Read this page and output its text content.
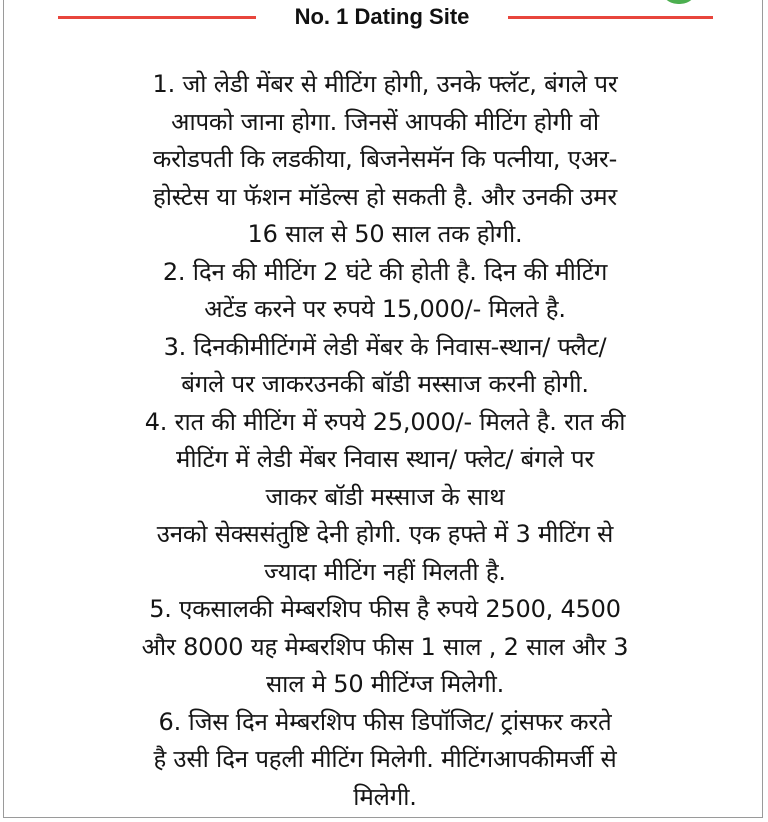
No. 1 Dating Site
1. जो लेडी मेंबर से मीटिंग होगी, उनके फ्लॅट, बंगले पर
आपको जाना होगा. जिनसें आपकी मीटिंग होगी वो
करोडपती कि लडकीया, बिजनेसमॅन कि पत्नीया, एअर-
होस्टेस या फॅशन मॉडेल्स हो सकती है. और उनकी उमर
16 साल से 50 साल तक होगी.
2. दिन की मीटिंग 2 घंटे की होती है. दिन की मीटिंग
अटेंड करने पर रुपये 15,000/- मिलते है.
3. दिनकीमीटिंगमें लेडी मेंबर के निवास-स्थान/ फ्लैट/
बंगले पर जाकरउनकी बॉडी मस्साज करनी होगी.
4. रात की मीटिंग में रुपये 25,000/- मिलते है. रात की
मीटिंग में लेडी मेंबर निवास स्थान/ फ्लेट/ बंगले पर
जाकर बॉडी मस्साज के साथ
उनको सेक्ससंतुष्टि देनी होगी. एक हफ्ते में 3 मीटिंग से
ज्यादा मीटिंग नहीं मिलती है.
5. एकसालकी मेम्बरशिप फीस है रुपये 2500, 4500
और 8000 यह मेम्बरशिप फीस 1 साल , 2 साल और 3
साल मे 50 मीटिंग्ज मिलेगी.
6. जिस दिन मेम्बरशिप फीस डिपॉजिट/ ट्रांसफर करते
है उसी दिन पहली मीटिंग मिलेगी. मीटिंगआपकीमर्जी से
मिलेगी.
